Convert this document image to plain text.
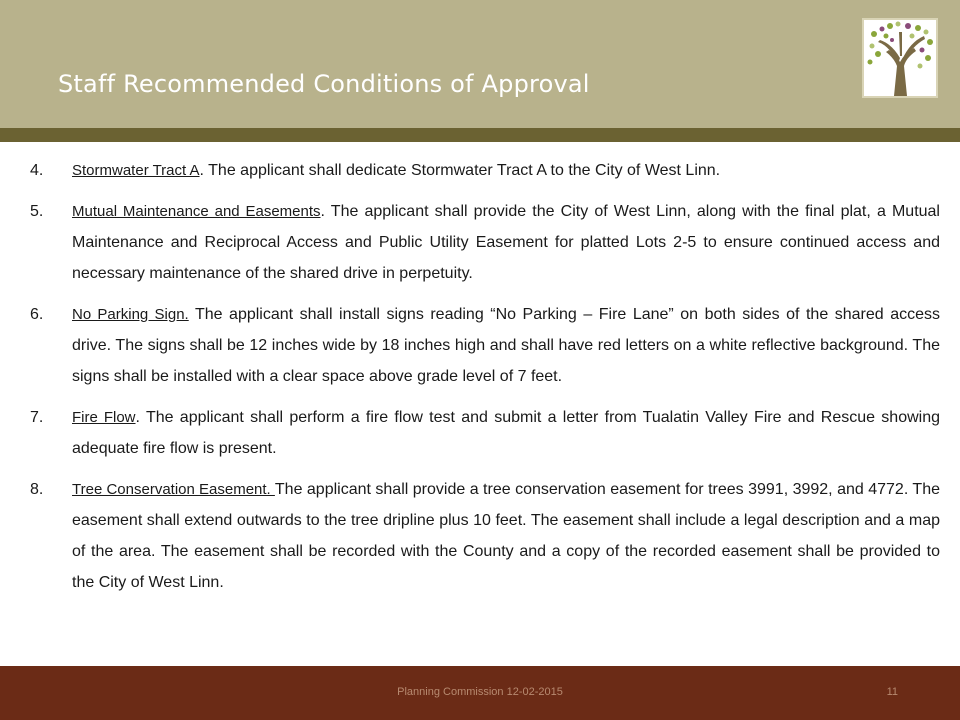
Staff Recommended Conditions of Approval
4.	Stormwater Tract A. The applicant shall dedicate Stormwater Tract A to the City of West Linn.
5.	Mutual Maintenance and Easements. The applicant shall provide the City of West Linn, along with the final plat, a Mutual Maintenance and Reciprocal Access and Public Utility Easement for platted Lots 2-5 to ensure continued access and necessary maintenance of the shared drive in perpetuity.
6.	No Parking Sign. The applicant shall install signs reading “No Parking – Fire Lane” on both sides of the shared access drive. The signs shall be 12 inches wide by 18 inches high and shall have red letters on a white reflective background. The signs shall be installed with a clear space above grade level of 7 feet.
7.	Fire Flow. The applicant shall perform a fire flow test and submit a letter from Tualatin Valley Fire and Rescue showing adequate fire flow is present.
8.	Tree Conservation Easement. The applicant shall provide a tree conservation easement for trees 3991, 3992, and 4772. The easement shall extend outwards to the tree dripline plus 10 feet. The easement shall include a legal description and a map of the area. The easement shall be recorded with the County and a copy of the recorded easement shall be provided to the City of West Linn.
Planning Commission 12-02-2015	11
